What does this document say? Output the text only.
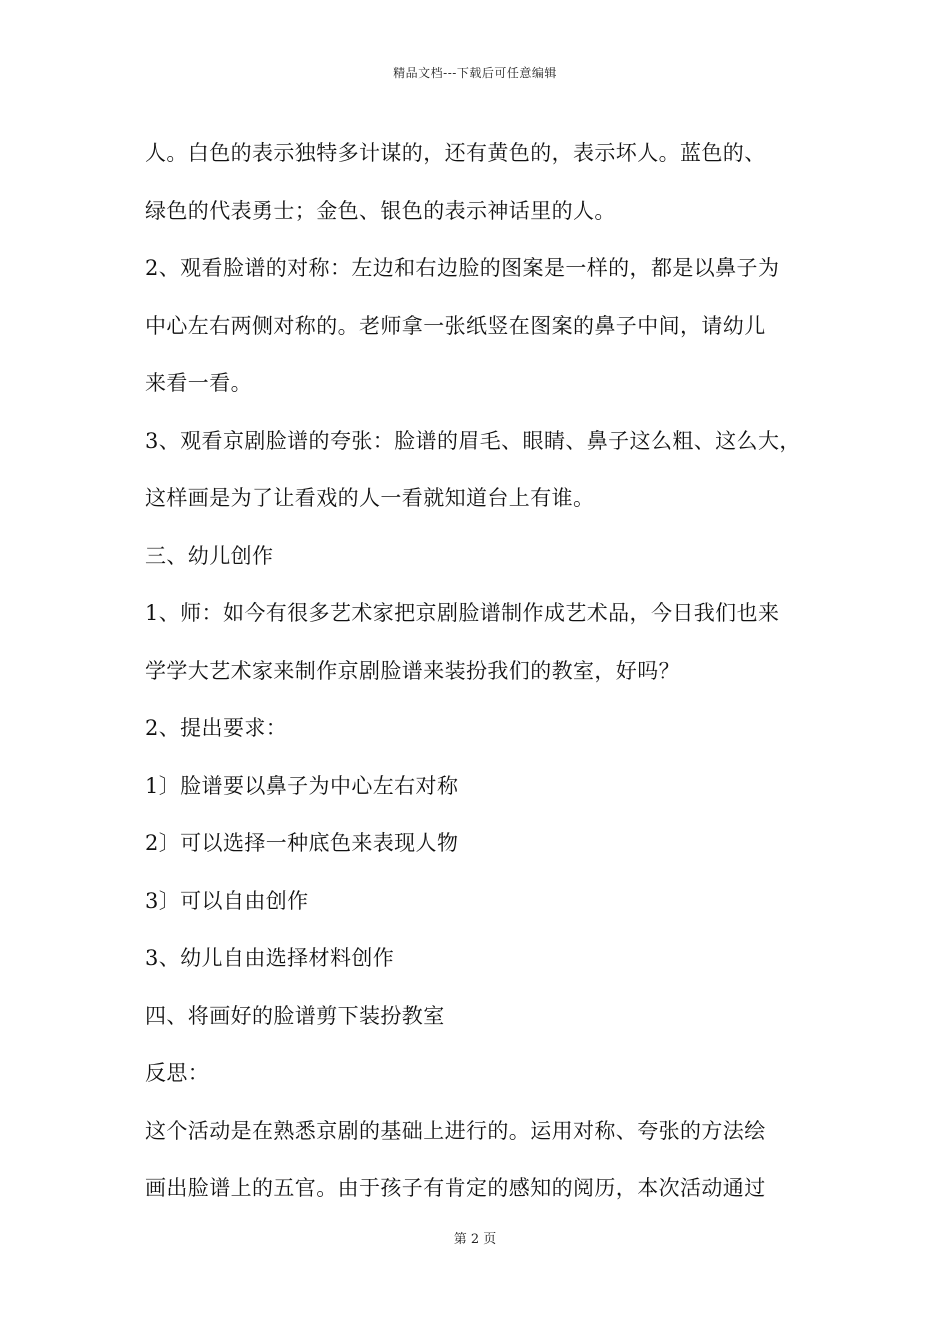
精品文档---下载后可任意编辑
人。白色的表示独特多计谋的，还有黄色的，表示坏人。蓝色的、
绿色的代表勇士；金色、银色的表示神话里的人。
2、观看脸谱的对称：左边和右边脸的图案是一样的，都是以鼻子为
中心左右两侧对称的。老师拿一张纸竖在图案的鼻子中间，请幼儿
来看一看。
3、观看京剧脸谱的夸张：脸谱的眉毛、眼睛、鼻子这么粗、这么大，
这样画是为了让看戏的人一看就知道台上有谁。
三、幼儿创作
1、师：如今有很多艺术家把京剧脸谱制作成艺术品，今日我们也来
学学大艺术家来制作京剧脸谱来装扮我们的教室，好吗？
2、提出要求：
1〕脸谱要以鼻子为中心左右对称
2〕可以选择一种底色来表现人物
3〕可以自由创作
3、幼儿自由选择材料创作
四、将画好的脸谱剪下装扮教室
反思：
这个活动是在熟悉京剧的基础上进行的。运用对称、夸张的方法绘
画出脸谱上的五官。由于孩子有肯定的感知的阅历，本次活动通过
第 2 页
